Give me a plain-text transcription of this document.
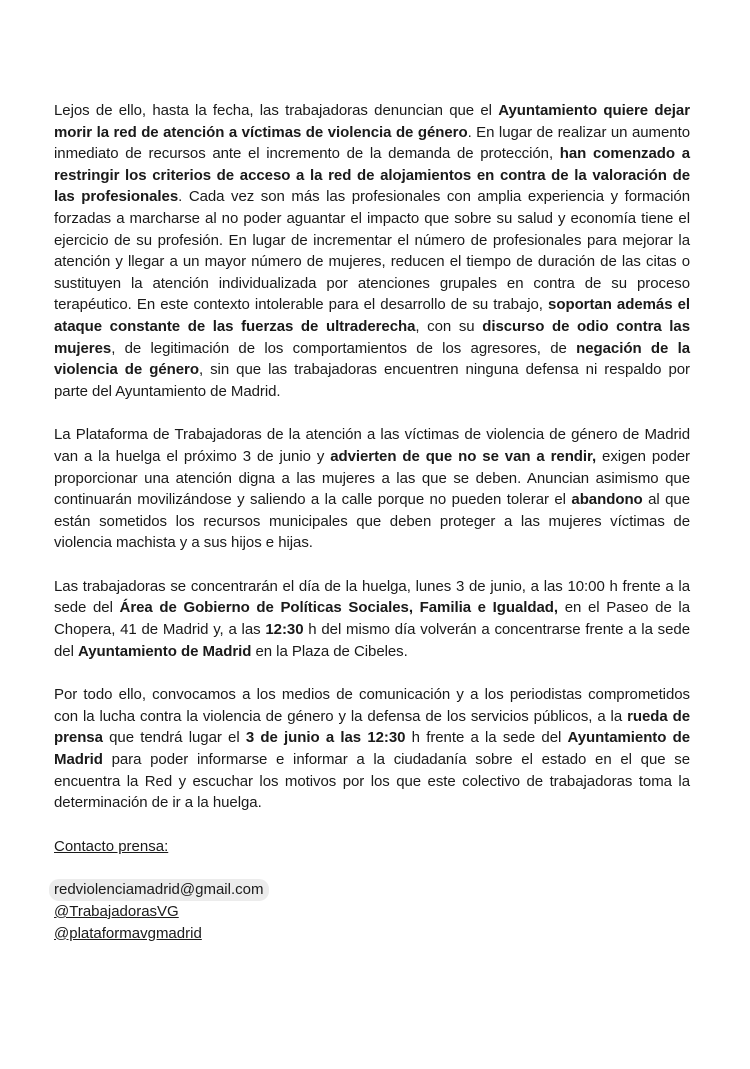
Lejos de ello, hasta la fecha, las trabajadoras denuncian que el Ayuntamiento quiere dejar morir la red de atención a víctimas de violencia de género. En lugar de realizar un aumento inmediato de recursos ante el incremento de la demanda de protección, han comenzado a restringir los criterios de acceso a la red de alojamientos en contra de la valoración de las profesionales. Cada vez son más las profesionales con amplia experiencia y formación forzadas a marcharse al no poder aguantar el impacto que sobre su salud y economía tiene el ejercicio de su profesión. En lugar de incrementar el número de profesionales para mejorar la atención y llegar a un mayor número de mujeres, reducen el tiempo de duración de las citas o sustituyen la atención individualizada por atenciones grupales en contra de su proceso terapéutico. En este contexto intolerable para el desarrollo de su trabajo, soportan además el ataque constante de las fuerzas de ultraderecha, con su discurso de odio contra las mujeres, de legitimación de los comportamientos de los agresores, de negación de la violencia de género, sin que las trabajadoras encuentren ninguna defensa ni respaldo por parte del Ayuntamiento de Madrid.

La Plataforma de Trabajadoras de la atención a las víctimas de violencia de género de Madrid van a la huelga el próximo 3 de junio y advierten de que no se van a rendir, exigen poder proporcionar una atención digna a las mujeres a las que se deben. Anuncian asimismo que continuarán movilizándose y saliendo a la calle porque no pueden tolerar el abandono al que están sometidos los recursos municipales que deben proteger a las mujeres víctimas de violencia machista y a sus hijos e hijas.

Las trabajadoras se concentrarán el día de la huelga, lunes 3 de junio, a las 10:00 h frente a la sede del Área de Gobierno de Políticas Sociales, Familia e Igualdad, en el Paseo de la Chopera, 41 de Madrid y, a las 12:30 h del mismo día volverán a concentrarse frente a la sede del Ayuntamiento de Madrid en la Plaza de Cibeles.

Por todo ello, convocamos a los medios de comunicación y a los periodistas comprometidos con la lucha contra la violencia de género y la defensa de los servicios públicos, a la rueda de prensa que tendrá lugar el 3 de junio a las 12:30 h frente a la sede del Ayuntamiento de Madrid para poder informarse e informar a la ciudadanía sobre el estado en el que se encuentra la Red y escuchar los motivos por los que este colectivo de trabajadoras toma la determinación de ir a la huelga.

Contacto prensa:
redviolenciamadrid@gmail.com
@TrabajadorasVG
@plataformavgmadrid
